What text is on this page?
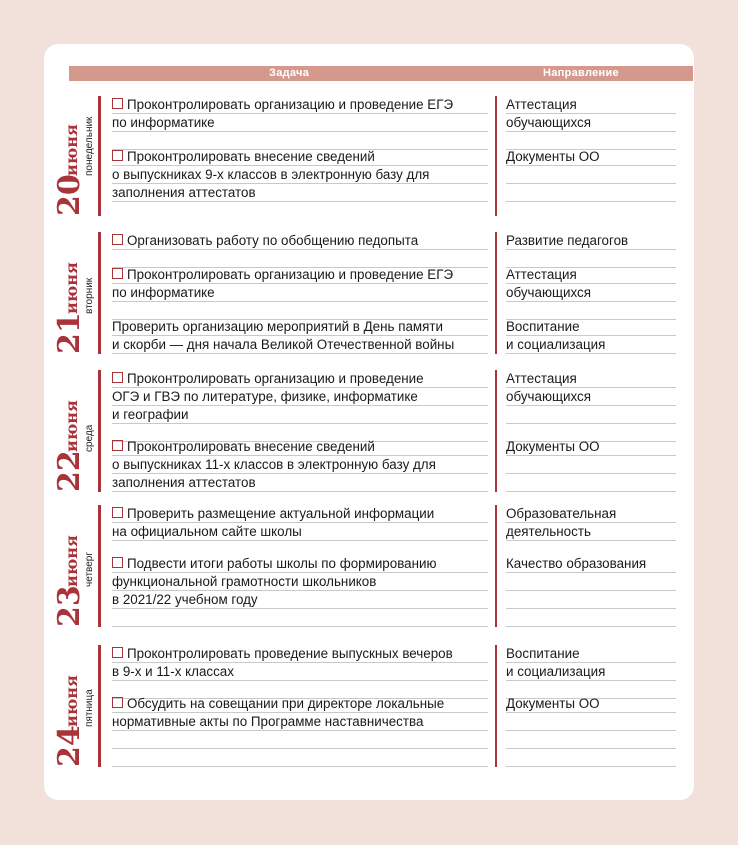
Задача	Направление
20
июня понедельник
Проконтролировать организацию и проведение ЕГЭ
по информатике
Аттестация
обучающихся
Проконтролировать внесение сведений
о выпускниках 9-х классов в электронную базу для
заполнения аттестатов
Документы ОО
21
июня вторник
Организовать работу по обобщению педопыта	Развитие педагогов
Проконтролировать организацию и проведение ЕГЭ
по информатике
Аттестация
обучающихся
Проверить организацию мероприятий в День памяти
и скорби — дня начала Великой Отечественной войны
Воспитание
и социализация
22
июня среда
Проконтролировать организацию и проведение
ОГЭ и ГВЭ по литературе, физике, информатике
и географии
Аттестация
обучающихся
Проконтролировать внесение сведений
о выпускниках 11-х классов в электронную базу для
заполнения аттестатов
Документы ОО
23
июня четверг
Проверить размещение актуальной информации
на официальном сайте школы
Образовательная
деятельность
Подвести итоги работы школы по формированию
функциональной грамотности школьников
в 2021/22 учебном году
Качество образования
24
июня пятница
Проконтролировать проведение выпускных вечеров
в 9-х и 11-х классах
Воспитание
и социализация
Обсудить на совещании при директоре локальные
нормативные акты по Программе наставничества
Документы ОО
